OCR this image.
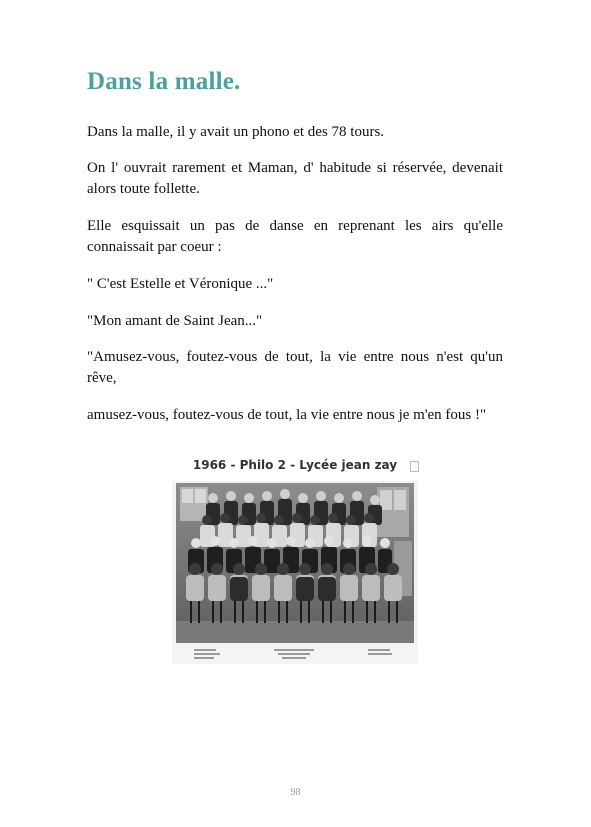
Dans la malle.

Dans la malle, il y avait un phono et des 78 tours.

On l' ouvrait rarement et Maman, d' habitude si réservée, devenait alors toute follette.

Elle esquissait un pas de danse en reprenant les airs qu'elle connaissait par coeur :

" C'est Estelle et Véronique ..."

"Mon amant de Saint Jean..."

"Amusez-vous, foutez-vous de tout, la vie entre nous n'est qu'un rêve,

amusez-vous, foutez-vous de tout, la vie entre nous je m'en fous !"

1966 - Philo 2 - Lycée jean zay
98
